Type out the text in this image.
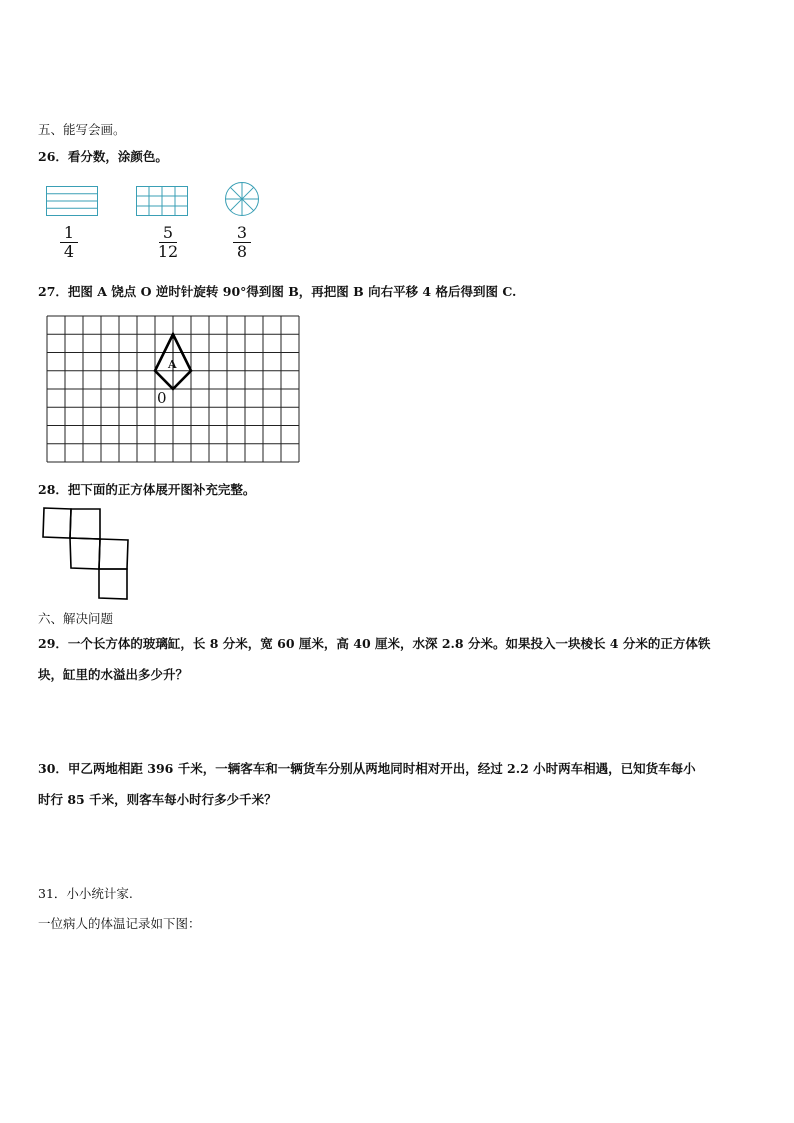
五、能写会画。
26．看分数，涂颜色。
1
4
5
12
3
8
27．把图 A 饶点 O 逆时针旋转 90°得到图 B，再把图 B 向右平移 4 格后得到图 C.
A
0
28．把下面的正方体展开图补充完整。
六、解决问题
29．一个长方体的玻璃缸，长 8 分米，宽 60 厘米，高 40 厘米，水深 2.8 分米。如果投入一块棱长 4 分米的正方体铁
块，缸里的水溢出多少升？
30．甲乙两地相距 396 千米，一辆客车和一辆货车分别从两地同时相对开出，经过 2.2 小时两车相遇，已知货车每小
时行 85 千米，则客车每小时行多少千米？
31．小小统计家.
一位病人的体温记录如下图：
